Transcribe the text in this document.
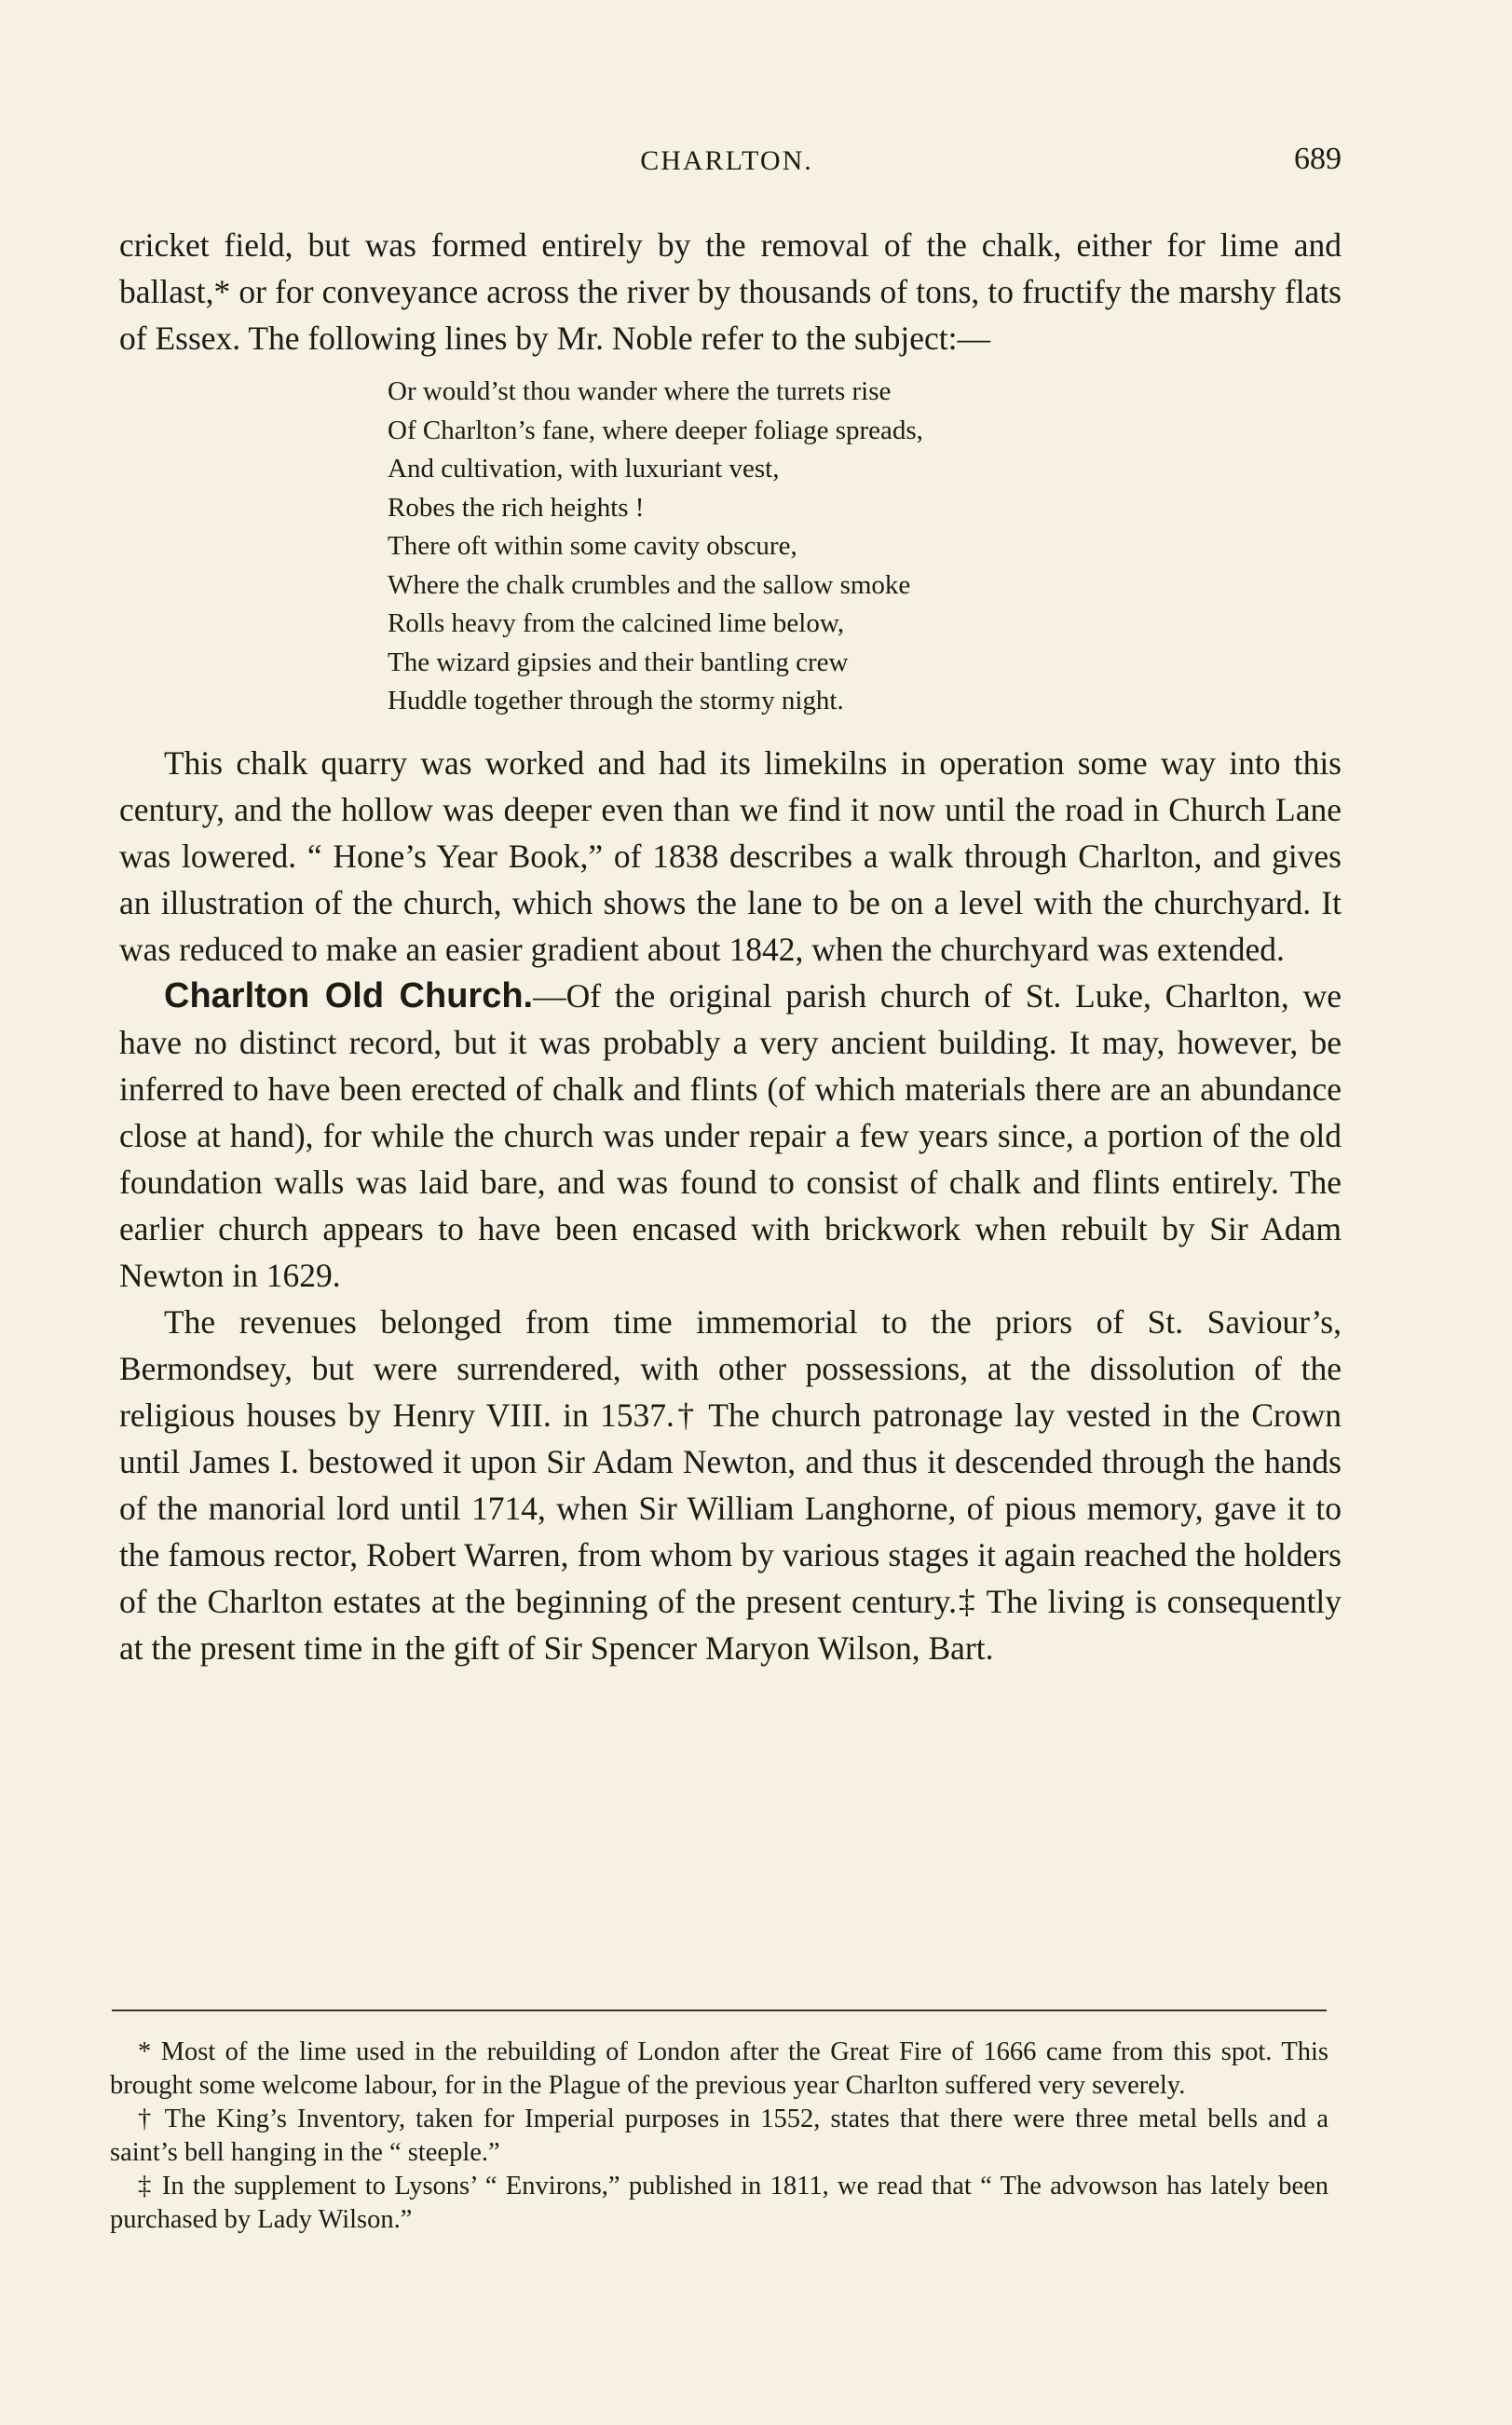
CHARLTON.	689

cricket field, but was formed entirely by the removal of the chalk, either for lime and ballast,* or for conveyance across the river by thousands of tons, to fructify the marshy flats of Essex. The following lines by Mr. Noble refer to the subject:—

Or would’st thou wander where the turrets rise
Of Charlton’s fane, where deeper foliage spreads,
And cultivation, with luxuriant vest,
Robes the rich heights !
There oft within some cavity obscure,
Where the chalk crumbles and the sallow smoke
Rolls heavy from the calcined lime below,
The wizard gipsies and their bantling crew
Huddle together through the stormy night.

This chalk quarry was worked and had its limekilns in operation some way into this century, and the hollow was deeper even than we find it now until the road in Church Lane was lowered. “ Hone’s Year Book,” of 1838 describes a walk through Charlton, and gives an illustration of the church, which shows the lane to be on a level with the churchyard. It was reduced to make an easier gradient about 1842, when the churchyard was extended.

Charlton Old Church.—Of the original parish church of St. Luke, Charlton, we have no distinct record, but it was probably a very ancient building. It may, however, be inferred to have been erected of chalk and flints (of which materials there are an abundance close at hand), for while the church was under repair a few years since, a portion of the old foundation walls was laid bare, and was found to consist of chalk and flints entirely. The earlier church appears to have been encased with brickwork when rebuilt by Sir Adam Newton in 1629.

The revenues belonged from time immemorial to the priors of St. Saviour’s, Bermondsey, but were surrendered, with other possessions, at the dissolution of the religious houses by Henry VIII. in 1537.† The church patronage lay vested in the Crown until James I. bestowed it upon Sir Adam Newton, and thus it descended through the hands of the manorial lord until 1714, when Sir William Langhorne, of pious memory, gave it to the famous rector, Robert Warren, from whom by various stages it again reached the holders of the Charlton estates at the beginning of the present century.‡ The living is consequently at the present time in the gift of Sir Spencer Maryon Wilson, Bart.

* Most of the lime used in the rebuilding of London after the Great Fire of 1666 came from this spot. This brought some welcome labour, for in the Plague of the previous year Charlton suffered very severely.

† The King’s Inventory, taken for Imperial purposes in 1552, states that there were three metal bells and a saint’s bell hanging in the “ steeple.”

‡ In the supplement to Lysons’ “ Environs,” published in 1811, we read that “ The advowson has lately been purchased by Lady Wilson.”
